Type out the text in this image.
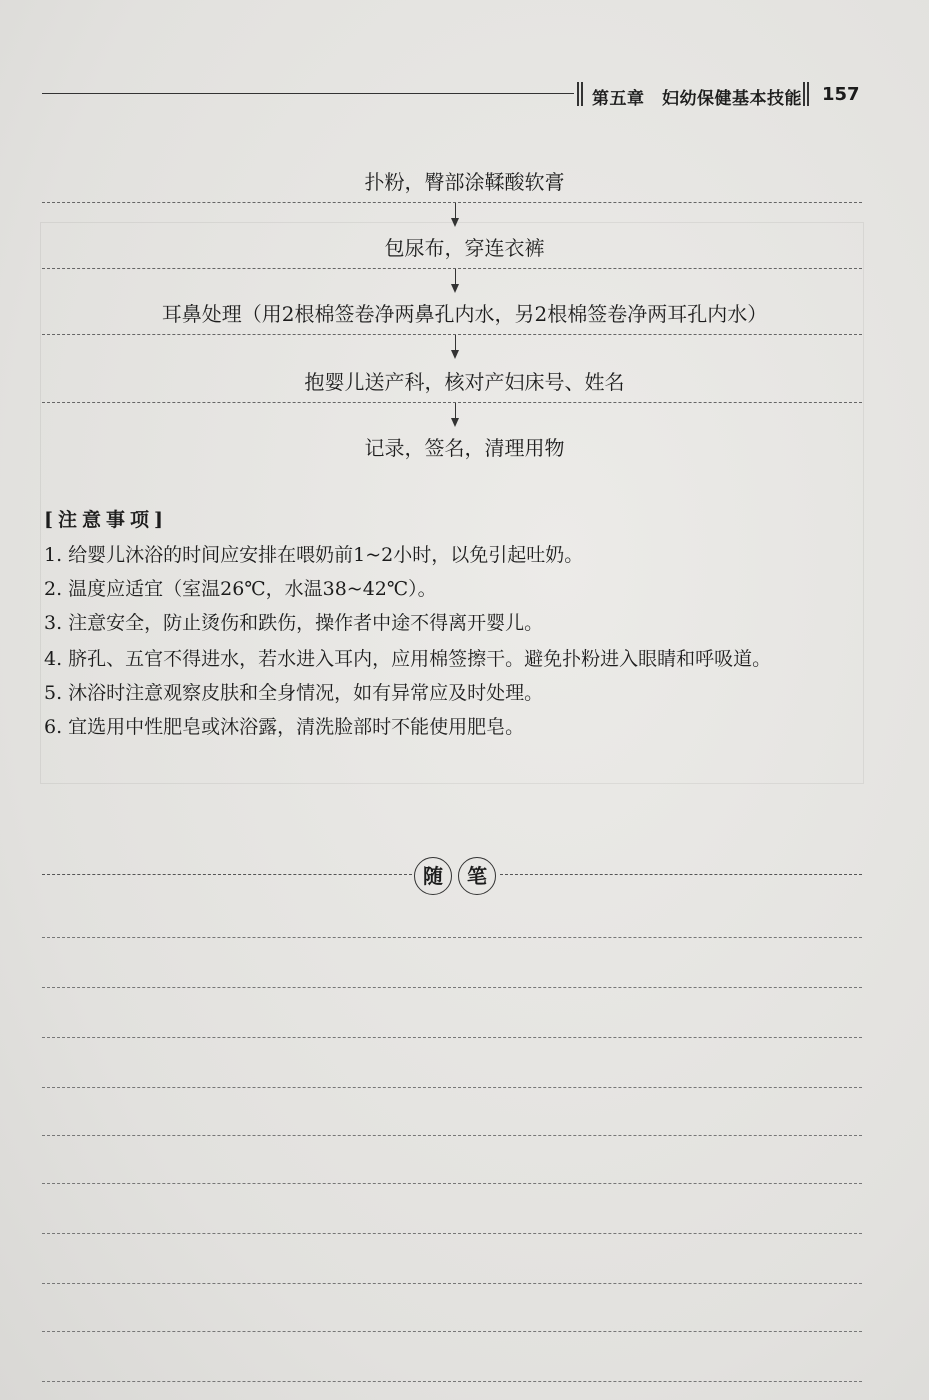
第五章　妇幼保健基本技能 157
扑粉，臀部涂鞣酸软膏
包尿布，穿连衣裤
耳鼻处理（用2根棉签卷净两鼻孔内水，另2根棉签卷净两耳孔内水）
抱婴儿送产科，核对产妇床号、姓名
记录，签名，清理用物
[注意事项]
1. 给婴儿沐浴的时间应安排在喂奶前1~2小时，以免引起吐奶。
2. 温度应适宜（室温26℃，水温38~42℃）。
3. 注意安全，防止烫伤和跌伤，操作者中途不得离开婴儿。
4. 脐孔、五官不得进水，若水进入耳内，应用棉签擦干。避免扑粉进入眼睛和呼吸道。
5. 沐浴时注意观察皮肤和全身情况，如有异常应及时处理。
6. 宜选用中性肥皂或沐浴露，清洗脸部时不能使用肥皂。
随	笔
